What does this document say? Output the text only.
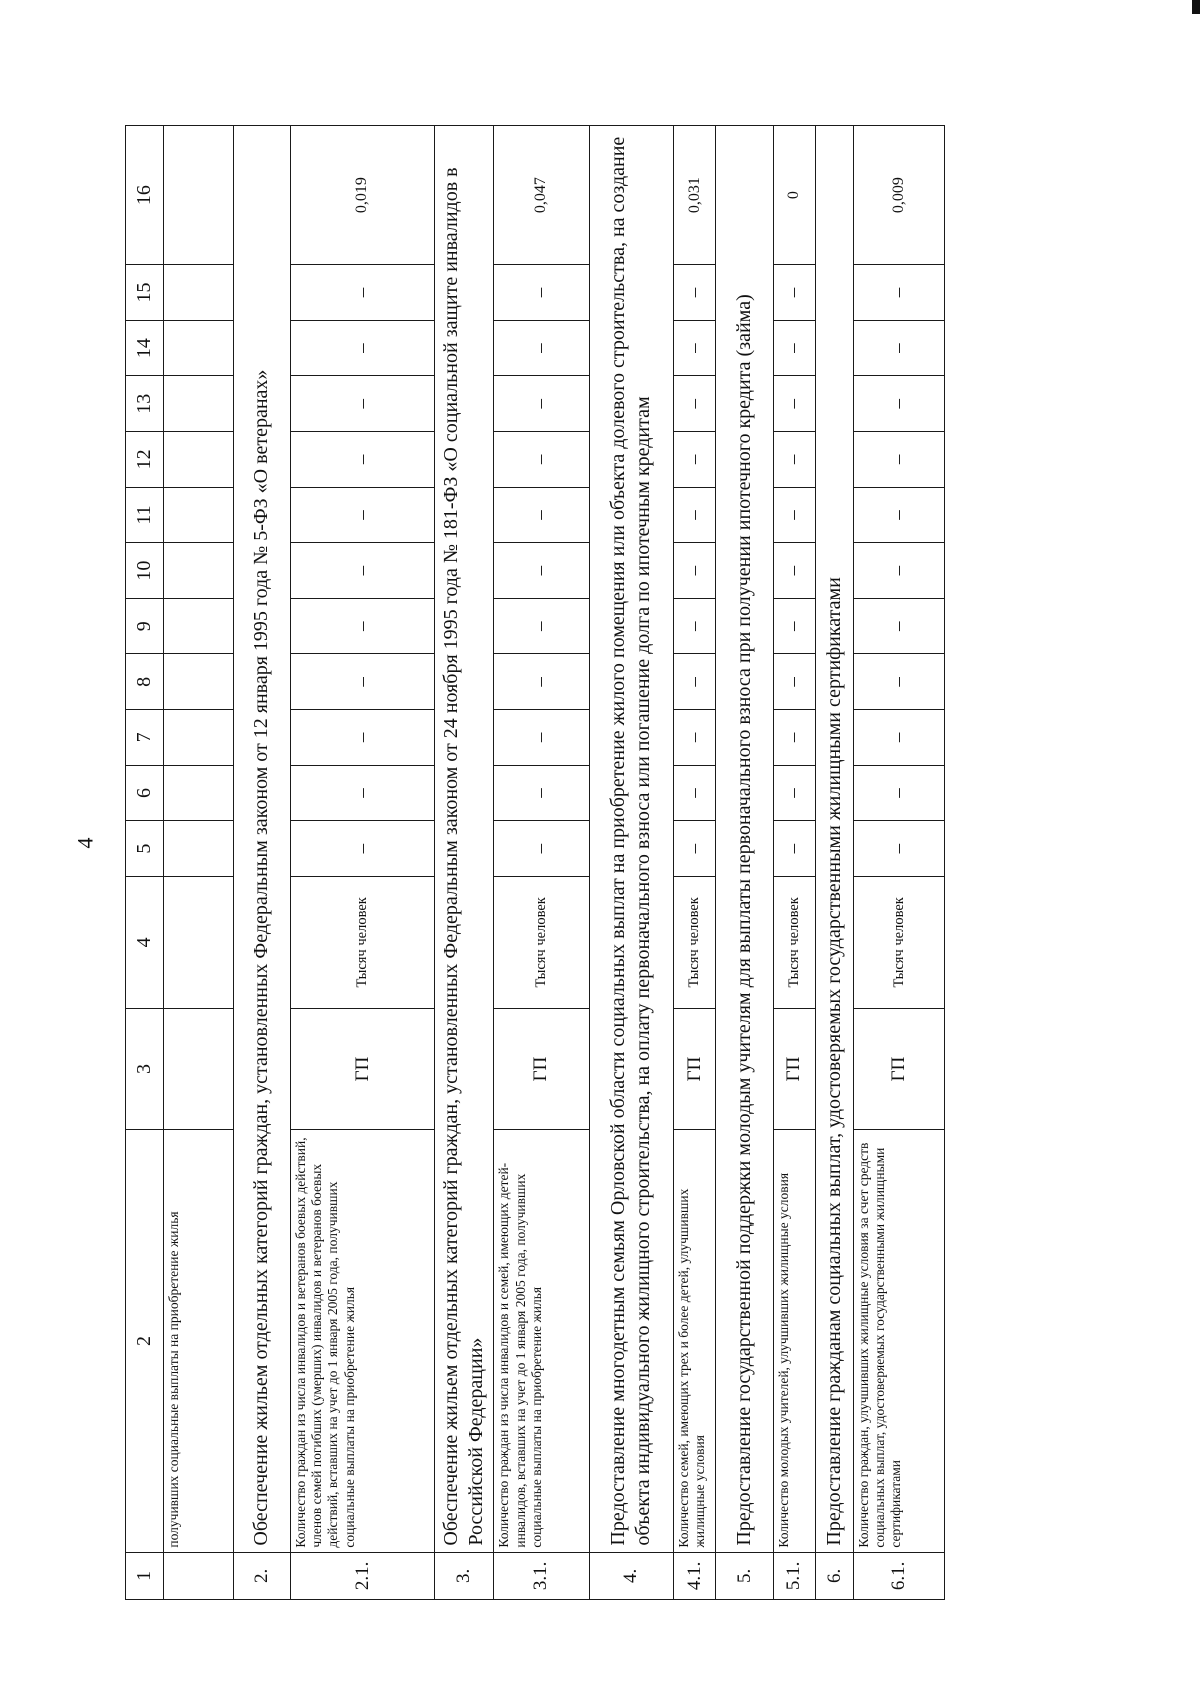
4
1	2	3	4	5	6	7	8	9	10	11	12	13	14	15	16
	получивших социальные выплаты на приобретение жилья														
2.	Обеспечение жильем отдельных категорий граждан, установленных Федеральным законом от 12 января 1995 года № 5-ФЗ «О ветеранах»														
2.1.	Количество граждан из числа инвалидов и ветеранов боевых действий, членов семей погибших (умерших) инвалидов и ветеранов боевых действий, вставших на учет до 1 января 2005 года, получивших социальные выплаты на приобретение жилья	ГП	Тысяч человек	–	–	–	–	–	–	–	–	–	–	–	0,019
3.	Обеспечение жильем отдельных категорий граждан, установленных Федеральным законом от 24 ноября 1995 года № 181-ФЗ «О социальной защите инвалидов в Российской Федерации»														
3.1.	Количество граждан из числа инвалидов и семей, имеющих детей-инвалидов, вставших на учет до 1 января 2005 года, получивших социальные выплаты на приобретение жилья	ГП	Тысяч человек	–	–	–	–	–	–	–	–	–	–	–	0,047
4.	Предоставление многодетным семьям Орловской области социальных выплат на приобретение жилого помещения или объекта долевого строительства, на создание объекта индивидуального жилищного строительства, на оплату первоначального взноса или погашение долга по ипотечным кредитам														
4.1.	Количество семей, имеющих трех и более детей, улучшивших жилищные условия	ГП	Тысяч человек	–	–	–	–	–	–	–	–	–	–	–	0,031
5.	Предоставление государственной поддержки молодым учителям для выплаты первоначального взноса при получении ипотечного кредита (займа)														
5.1.	Количество молодых учителей, улучшивших жилищные условия	ГП	Тысяч человек	–	–	–	–	–	–	–	–	–	–	–	0
6.	Предоставление гражданам социальных выплат, удостоверяемых государственными жилищными сертификатами														
6.1.	Количество граждан, улучшивших жилищные условия за счет средств социальных выплат, удостоверяемых государственными жилищными сертификатами	ГП	Тысяч человек	–	–	–	–	–	–	–	–	–	–	–	0,009
